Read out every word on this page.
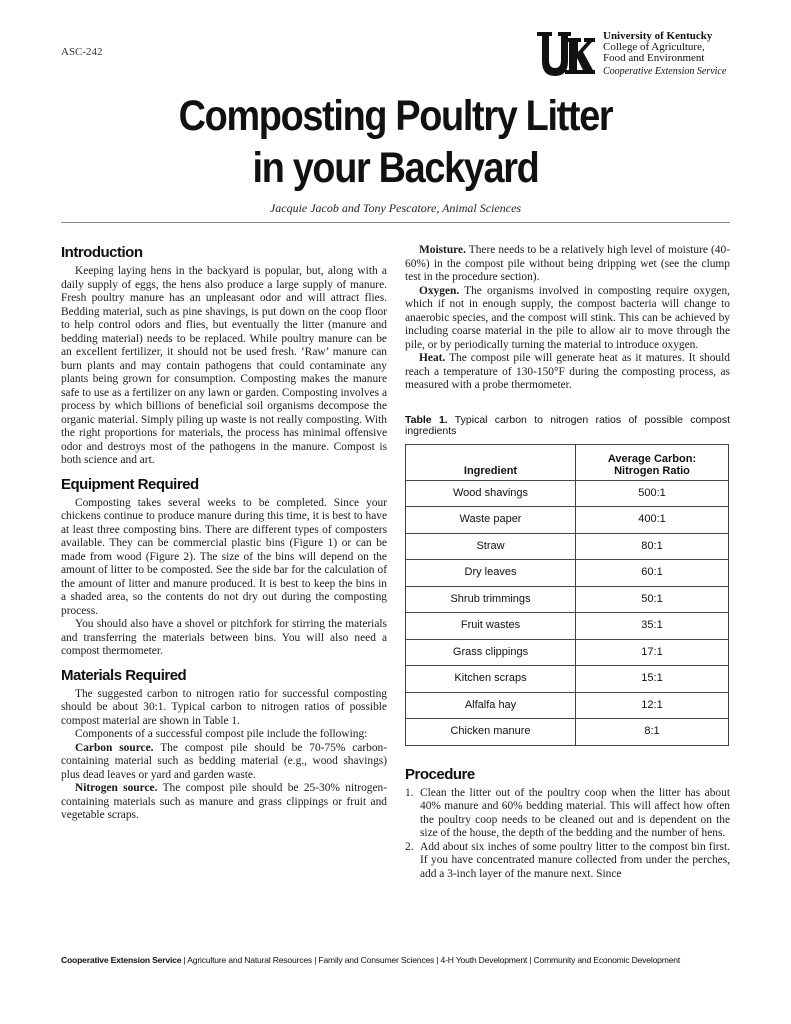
ASC-242
University of Kentucky
College of Agriculture,
Food and Environment
Cooperative Extension Service
Composting Poultry Litter
in your Backyard
Jacquie Jacob and Tony Pescatore, Animal Sciences
Introduction

Keeping laying hens in the backyard is popular, but, along with a daily supply of eggs, the hens also produce a large supply of manure. Fresh poultry manure has an unpleasant odor and will attract flies. Bedding material, such as pine shavings, is put down on the coop floor to help control odors and flies, but eventually the litter (manure and bedding material) needs to be replaced. While poultry manure can be an excellent fertilizer, it should not be used fresh. ‘Raw’ manure can burn plants and may contain pathogens that could contaminate any plants being grown for consumption. Composting makes the manure safe to use as a fertilizer on any lawn or garden. Composting involves a process by which billions of beneficial soil organisms decompose the organic material. Simply piling up waste is not really composting. With the right proportions for materials, the process has minimal offensive odor and destroys most of the pathogens in the manure. Compost is both science and art.

Equipment Required

Composting takes several weeks to be completed. Since your chickens continue to produce manure during this time, it is best to have at least three composting bins. There are different types of composters available. They can be commercial plastic bins (Figure 1) or can be made from wood (Figure 2). The size of the bins will depend on the amount of litter to be composted. See the side bar for the calculation of the amount of litter and manure produced. It is best to keep the bins in a shaded area, so the contents do not dry out during the composting process.

You should also have a shovel or pitchfork for stirring the materials and transferring the materials between bins. You will also need a compost thermometer.

Materials Required

The suggested carbon to nitrogen ratio for successful composting should be about 30:1. Typical carbon to nitrogen ratios of possible compost material are shown in Table 1.

Components of a successful compost pile include the following:

Carbon source. The compost pile should be 70-75% carbon-containing material such as bedding material (e.g., wood shavings) plus dead leaves or yard and garden waste.

Nitrogen source. The compost pile should be 25-30% nitrogen-containing materials such as manure and grass clippings or fruit and vegetable scraps.

Moisture. There needs to be a relatively high level of moisture (40-60%) in the compost pile without being dripping wet (see the clump test in the procedure section).

Oxygen. The organisms involved in composting require oxygen, which if not in enough supply, the compost bacteria will change to anaerobic species, and the compost will stink. This can be achieved by including coarse material in the pile to allow air to move through the pile, or by periodically turning the material to introduce oxygen.

Heat. The compost pile will generate heat as it matures. It should reach a temperature of 130-150°F during the composting process, as measured with a probe thermometer.

Table 1. Typical carbon to nitrogen ratios of possible compost ingredients
Ingredient	Average Carbon:
Nitrogen Ratio
Wood shavings	500:1
Waste paper	400:1
Straw	80:1
Dry leaves	60:1
Shrub trimmings	50:1
Fruit wastes	35:1
Grass clippings	17:1
Kitchen scraps	15:1
Alfalfa hay	12:1
Chicken manure	8:1
Procedure
1. Clean the litter out of the poultry coop when the litter has about 40% manure and 60% bedding material. This will affect how often the poultry coop needs to be cleaned out and is dependent on the size of the house, the depth of the bedding and the number of hens.
2. Add about six inches of some poultry litter to the compost bin first. If you have concentrated manure collected from under the perches, add a 3-inch layer of the manure next. Since
Cooperative Extension Service | Agriculture and Natural Resources | Family and Consumer Sciences | 4-H Youth Development | Community and Economic Development
